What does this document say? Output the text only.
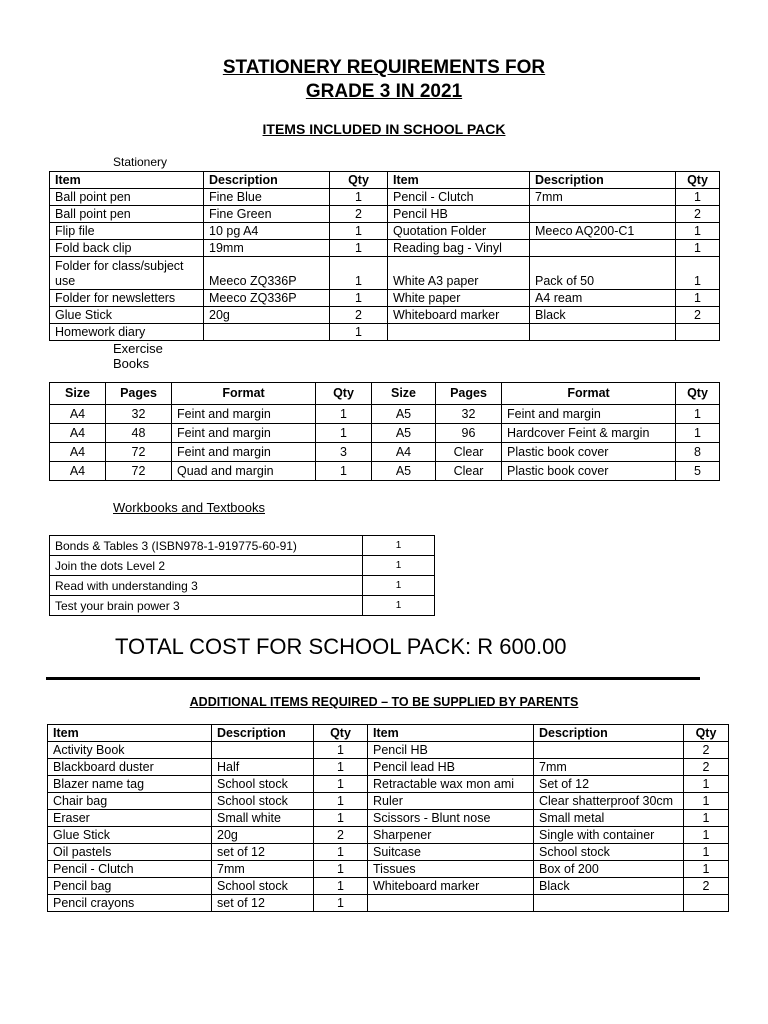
STATIONERY REQUIREMENTS FOR
GRADE 3 IN 2021
ITEMS INCLUDED IN SCHOOL PACK
Stationery
Item	Description	Qty	Item	Description	Qty
Ball point pen	Fine Blue	1	Pencil - Clutch	7mm	1
Ball point pen	Fine Green	2	Pencil HB		2
Flip file	10 pg A4	1	Quotation Folder	Meeco AQ200-C1	1
Fold back clip	19mm	1	Reading bag - Vinyl		1
Folder for class/subject use	Meeco ZQ336P	1	White A3 paper	Pack of 50	1
Folder for newsletters	Meeco ZQ336P	1	White paper	A4 ream	1
Glue Stick	20g	2	Whiteboard marker	Black	2
Homework diary		1			
Exercise Books
Size	Pages	Format	Qty	Size	Pages	Format	Qty
A4	32	Feint and margin	1	A5	32	Feint and margin	1
A4	48	Feint and margin	1	A5	96	Hardcover Feint & margin	1
A4	72	Feint and margin	3	A4	Clear	Plastic book cover	8
A4	72	Quad and margin	1	A5	Clear	Plastic book cover	5
Workbooks and Textbooks
Bonds & Tables 3 (ISBN978-1-919775-60-91)	1
Join the dots Level 2	1
Read with understanding 3	1
Test your brain power 3	1
TOTAL COST FOR SCHOOL PACK: R 600.00
ADDITIONAL ITEMS REQUIRED – TO BE SUPPLIED BY PARENTS
Item	Description	Qty	Item	Description	Qty
Activity Book		1	Pencil HB		2
Blackboard duster	Half	1	Pencil lead HB	7mm	2
Blazer name tag	School stock	1	Retractable wax mon ami	Set of 12	1
Chair bag	School stock	1	Ruler	Clear shatterproof 30cm	1
Eraser	Small white	1	Scissors - Blunt nose	Small metal	1
Glue Stick	20g	2	Sharpener	Single with container	1
Oil pastels	set of 12	1	Suitcase	School stock	1
Pencil - Clutch	7mm	1	Tissues	Box of 200	1
Pencil bag	School stock	1	Whiteboard marker	Black	2
Pencil crayons	set of 12	1			
